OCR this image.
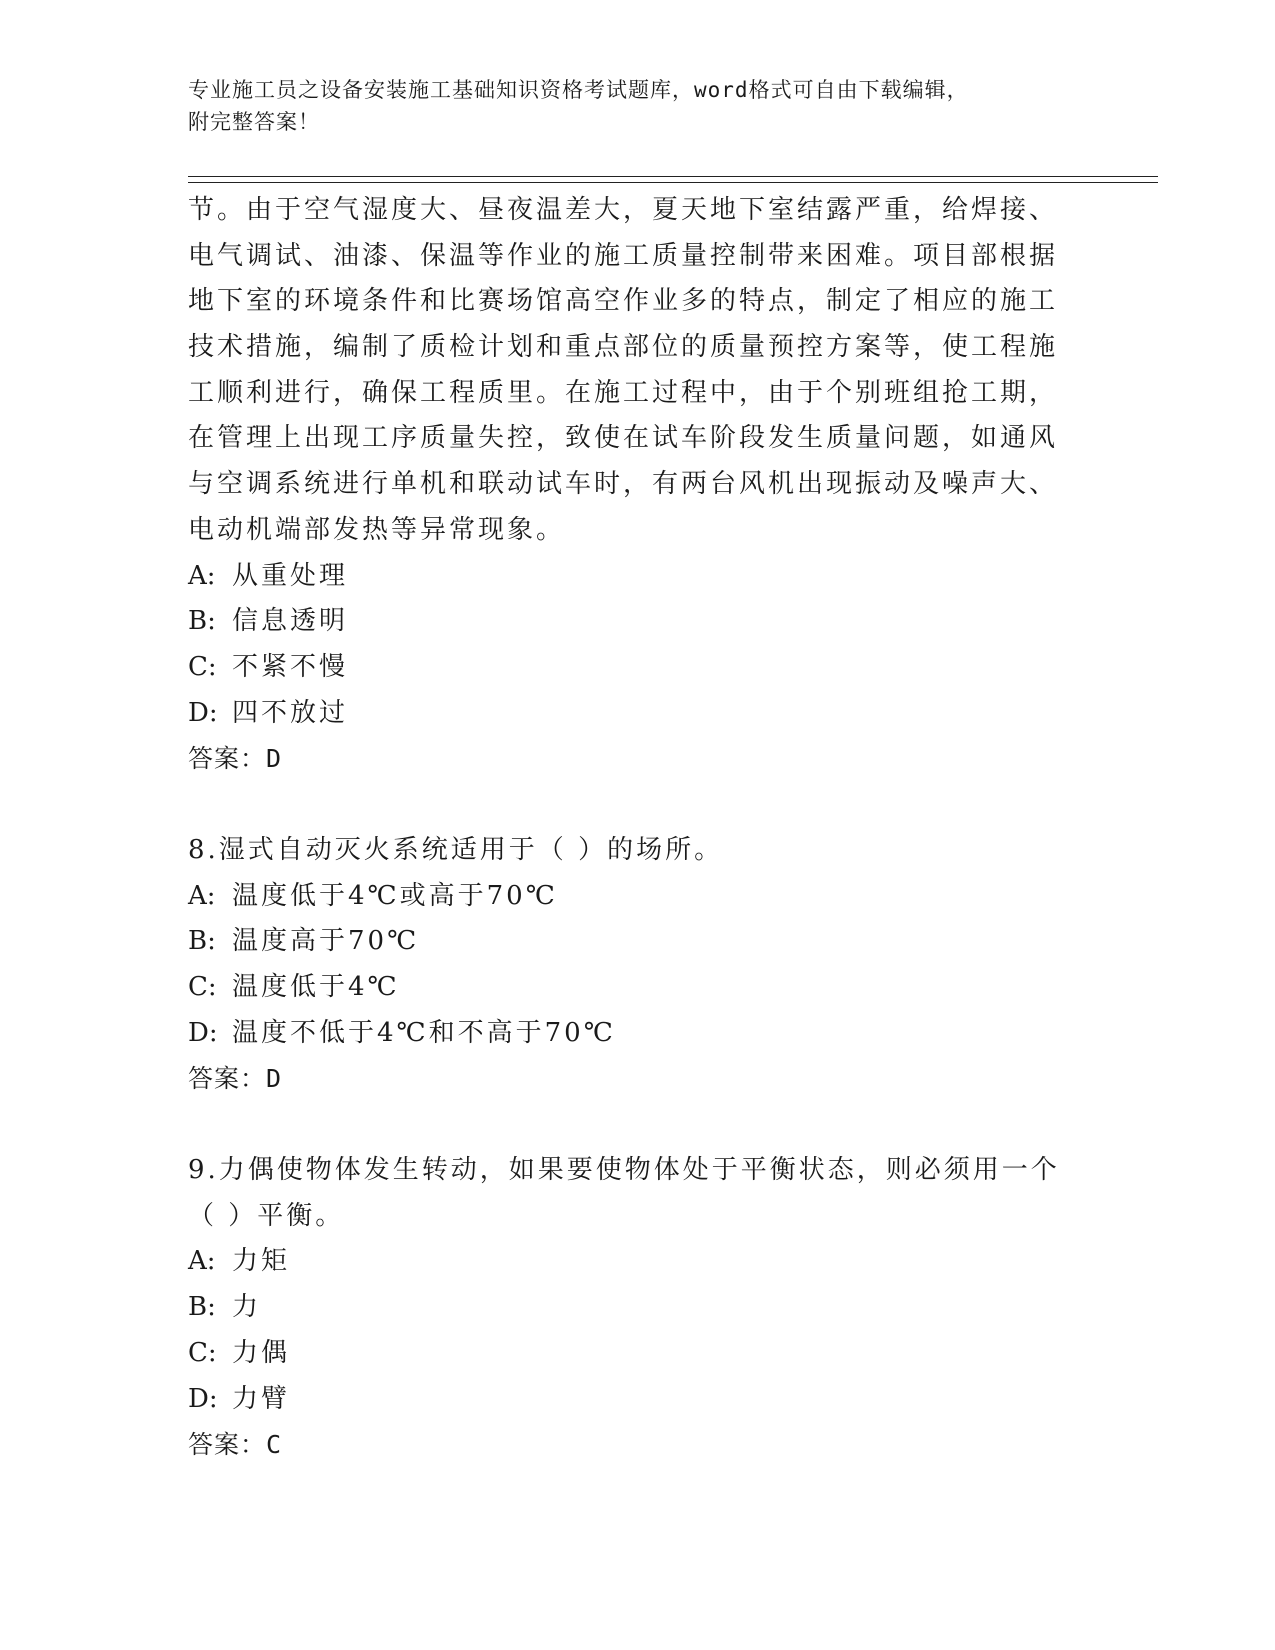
专业施工员之设备安装施工基础知识资格考试题库，word格式可自由下载编辑，
附完整答案！

节。由于空气湿度大、昼夜温差大，夏天地下室结露严重，给焊接、

电气调试、油漆、保温等作业的施工质量控制带来困难。项目部根据

地下室的环境条件和比赛场馆高空作业多的特点，制定了相应的施工

技术措施，编制了质检计划和重点部位的质量预控方案等，使工程施

工顺利进行，确保工程质里。在施工过程中，由于个别班组抢工期，

在管理上出现工序质量失控，致使在试车阶段发生质量问题，如通风

与空调系统进行单机和联动试车时，有两台风机出现振动及噪声大、

电动机端部发热等异常现象。

A: 从重处理
B: 信息透明
C: 不紧不慢
D: 四不放过
答案：D
8.湿式自动灭火系统适用于（ ）的场所。
A: 温度低于4℃或高于70℃
B: 温度高于70℃
C: 温度低于4℃
D: 温度不低于4℃和不高于70℃
答案：D
9.力偶使物体发生转动，如果要使物体处于平衡状态，则必须用一个
（ ）平衡。
A: 力矩
B: 力
C: 力偶
D: 力臂
答案：C
